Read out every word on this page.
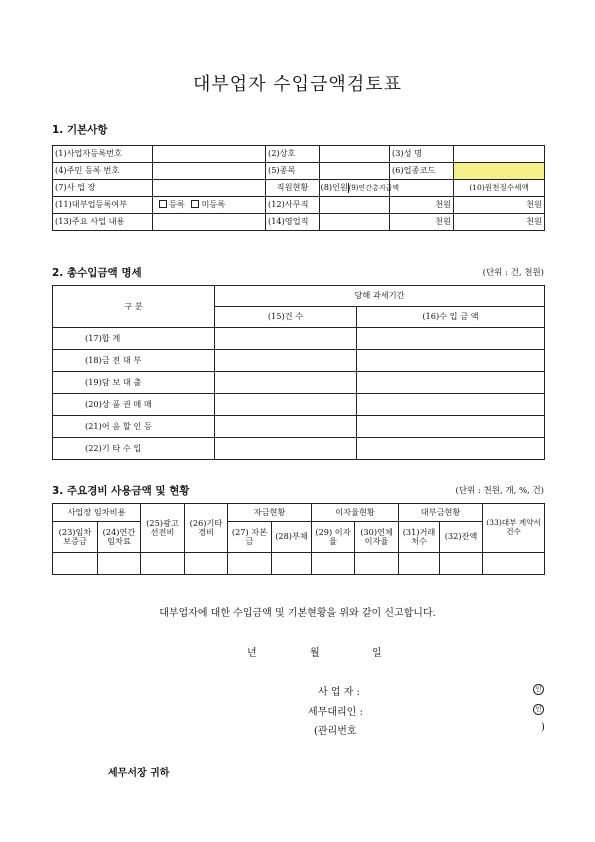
대부업자 수입금액검토표
1. 기본사항
(1)사업자등록번호		(2)상호		(3)성 명	
(4)주민 등록 번호		(5)종목		(6)업종코드	
(7)사 업 장		직원현황	(8)인원(9)연간총지급액		(10)원천징수세액
(11)대부업등록여부	등록 미등록	(12)사무직		천원	천원
(13)주요 사업 내용		(14)영업직		천원	천원
2. 총수입금액 명세	(단위 : 건, 천원)
구 분	당해 과세기간	
	(15)건 수	(16)수 입 금 액
(17)합 계		
(18)금 전 대 부		
(19)담 보 대 출		
(20)상 품 권 매 매		
(21)어 음 할 인 등		
(22)기 타 수 입		
3. 주요경비 사용금액 및 현황	(단위 : 천원, 개, %, 건)
사업장 임차비용		(25)광고 선전비	(26)기타 경비	자금현황		이자율현황		대부금현황		(33)대부 계약서 건수
(23)임차 보증금	(24)연간 임차료			(27) 자본금	(28)부채	(29) 이자율	(30)연체 이자율	(31)거래 처수	(32)잔액	

대부업자에 대한 수입금액 및 기본현황을 위와 같이 신고합니다.
년	월	일
사 업 자 :	인
세무대리인 :	인
(관리번호	)
세무서장 귀하
